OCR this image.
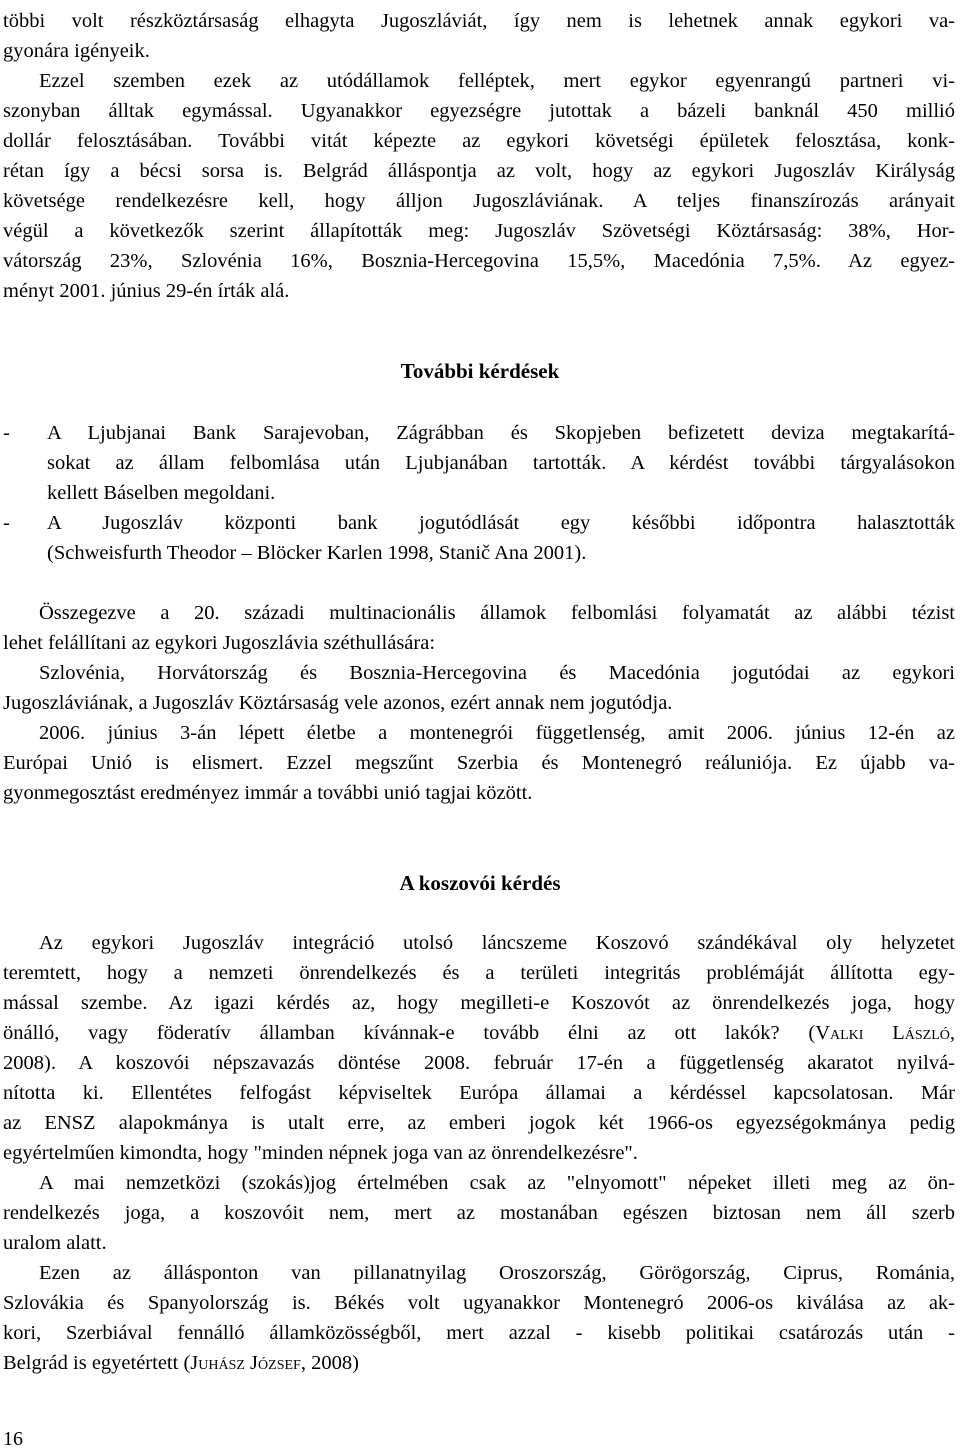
többi volt részköztársaság elhagyta Jugoszláviát, így nem is lehetnek annak egykori va-
gyonára igényeik.
Ezzel szemben ezek az utódállamok felléptek, mert egykor egyenrangú partneri vi-
szonyban álltak egymással. Ugyanakkor egyezségre jutottak a bázeli banknál 450 millió
dollár felosztásában. További vitát képezte az egykori követségi épületek felosztása, konk-
rétan így a bécsi sorsa is. Belgrád álláspontja az volt, hogy az egykori Jugoszláv Királyság
követsége rendelkezésre kell, hogy álljon Jugoszláviának. A teljes finanszírozás arányait
végül a következők szerint állapították meg: Jugoszláv Szövetségi Köztársaság: 38%, Hor-
vátország 23%, Szlovénia 16%, Bosznia-Hercegovina 15,5%, Macedónia 7,5%. Az egyez-
ményt 2001. június 29-én írták alá.
További kérdések
- A Ljubjanai Bank Sarajevoban, Zágrábban és Skopjeben befizetett deviza megtakarítá-
sokat az állam felbomlása után Ljubjanában tartották. A kérdést további tárgyalásokon
kellett Báselben megoldani.
- A Jugoszláv központi bank jogutódlását egy későbbi időpontra halasztották
(Schweisfurth Theodor – Blöcker Karlen 1998, Stanič Ana 2001).
Összegezve a 20. századi multinacionális államok felbomlási folyamatát az alábbi tézist
lehet felállítani az egykori Jugoszlávia széthullására:
Szlovénia, Horvátország és Bosznia-Hercegovina és Macedónia jogutódai az egykori
Jugoszláviának, a Jugoszláv Köztársaság vele azonos, ezért annak nem jogutódja.
2006. június 3-án lépett életbe a montenegrói függetlenség, amit 2006. június 12-én az
Európai Unió is elismert. Ezzel megszűnt Szerbia és Montenegró reáluniója. Ez újabb va-
gyonmegosztást eredményez immár a további unió tagjai között.
A koszovói kérdés
Az egykori Jugoszláv integráció utolsó láncszeme Koszovó szándékával oly helyzetet
teremtett, hogy a nemzeti önrendelkezés és a területi integritás problémáját állította egy-
mással szembe. Az igazi kérdés az, hogy megilleti-e Koszovót az önrendelkezés joga, hogy
önálló, vagy föderatív államban kívánnak-e tovább élni az ott lakók? (Valki László,
2008). A koszovói népszavazás döntése 2008. február 17-én a függetlenség akaratot nyilvá-
nította ki. Ellentétes felfogást képviseltek Európa államai a kérdéssel kapcsolatosan. Már
az ENSZ alapokmánya is utalt erre, az emberi jogok két 1966-os egyezségokmánya pedig
egyértelműen kimondta, hogy "minden népnek joga van az önrendelkezésre".
A mai nemzetközi (szokás)jog értelmében csak az "elnyomott" népeket illeti meg az ön-
rendelkezés joga, a koszovóit nem, mert az mostanában egészen biztosan nem áll szerb
uralom alatt.
Ezen az állásponton van pillanatnyilag Oroszország, Görögország, Ciprus, Románia,
Szlovákia és Spanyolország is. Békés volt ugyanakkor Montenegró 2006-os kiválása az ak-
kori, Szerbiával fennálló államközösségből, mert azzal - kisebb politikai csatározás után -
Belgrád is egyetértett (Juhász József, 2008)
16
